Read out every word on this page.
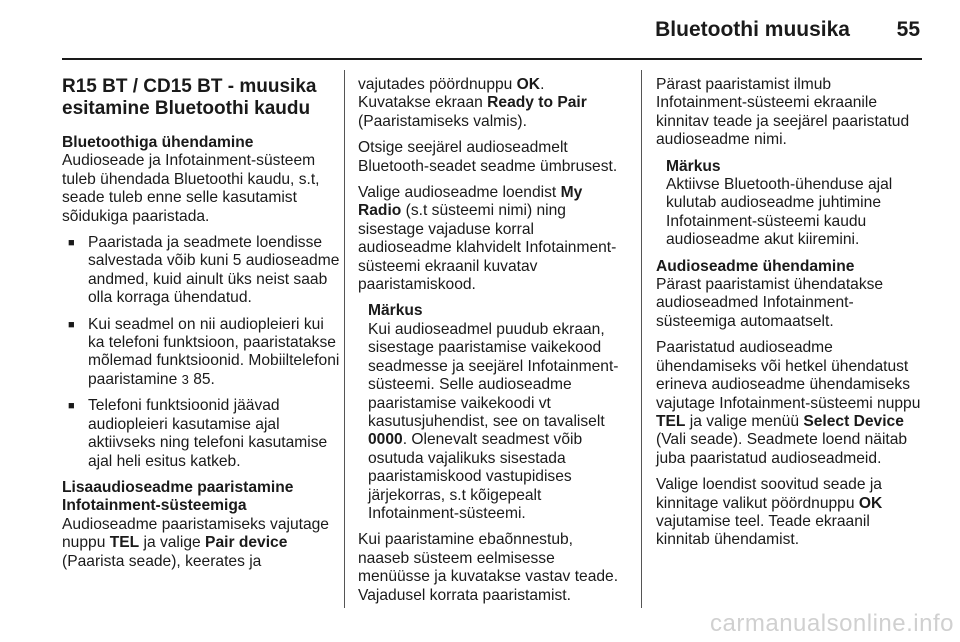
Bluetoothi muusika 55
R15 BT / CD15 BT - muusika esitamine Bluetoothi kaudu
Bluetoothiga ühendamine

Audioseade ja Infotainment-süsteem tuleb ühendada Bluetoothi kaudu, s.t, seade tuleb enne selle kasutamist sõidukiga paaristada.

■ Paaristada ja seadmete loendisse salvestada võib kuni 5 audioseadme andmed, kuid ainult üks neist saab olla korraga ühendatud.
■ Kui seadmel on nii audiopleieri kui ka telefoni funktsioon, paaristatakse mõlemad funktsioonid. Mobiiltelefoni paaristamine 3 85.
■ Telefoni funktsioonid jäävad audiopleieri kasutamise ajal aktiivseks ning telefoni kasutamise ajal heli esitus katkeb.
Lisaaudioseadme paaristamine Infotainment-süsteemiga

Audioseadme paaristamiseks vajutage nuppu TEL ja valige Pair device (Paarista seade), keerates ja

vajutades pöördnuppu OK.
Kuvatakse ekraan Ready to Pair (Paaristamiseks valmis).

Otsige seejärel audioseadmelt Bluetooth-seadet seadme ümbrusest.

Valige audioseadme loendist My Radio (s.t süsteemi nimi) ning sisestage vajaduse korral audioseadme klahvidelt Infotainment-süsteemi ekraanil kuvatav paaristamiskood.

Märkus
Kui audioseadmel puudub ekraan, sisestage paaristamise vaikekood seadmesse ja seejärel Infotainment-süsteemi. Selle audioseadme paaristamise vaikekoodi vt kasutusjuhendist, see on tavaliselt 0000. Olenevalt seadmest võib osutuda vajalikuks sisestada paaristamiskood vastupidises järjekorras, s.t kõigepealt Infotainment-süsteemi.

Kui paaristamine ebaõnnestub, naaseb süsteem eelmisesse menüüsse ja kuvatakse vastav teade. Vajadusel korrata paaristamist.

Pärast paaristamist ilmub Infotainment-süsteemi ekraanile kinnitav teade ja seejärel paaristatud audioseadme nimi.

Märkus
Aktiivse Bluetooth-ühenduse ajal kulutab audioseadme juhtimine Infotainment-süsteemi kaudu audioseadme akut kiiremini.
Audioseadme ühendamine

Pärast paaristamist ühendatakse audioseadmed Infotainment-süsteemiga automaatselt.

Paaristatud audioseadme ühendamiseks või hetkel ühendatust erineva audioseadme ühendamiseks vajutage Infotainment-süsteemi nuppu TEL ja valige menüü Select Device (Vali seade). Seadmete loend näitab juba paaristatud audioseadmeid.

Valige loendist soovitud seade ja kinnitage valikut pöördnuppu OK vajutamise teel. Teade ekraanil kinnitab ühendamist.

carmanualsonline.info
